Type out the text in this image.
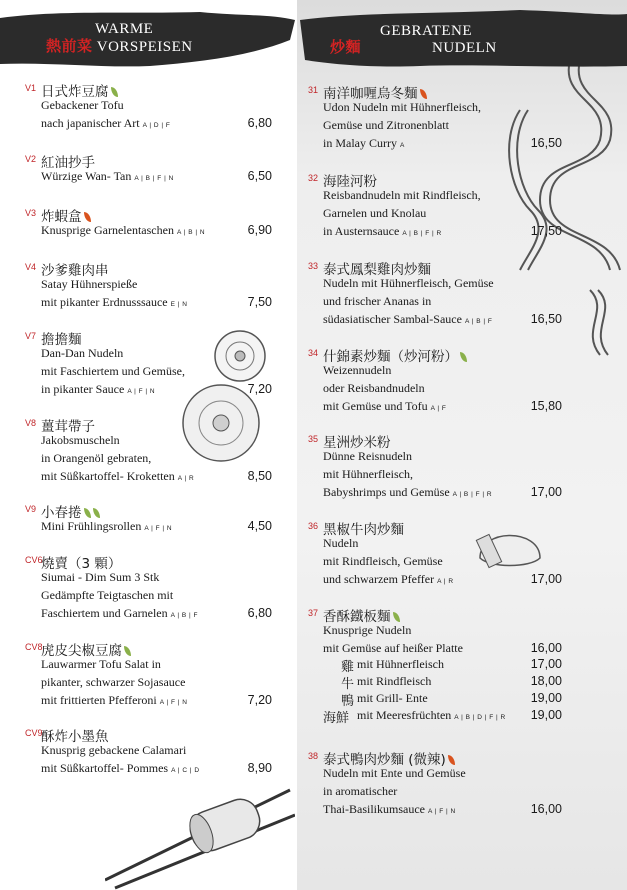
WARME
熱前菜 VORSPEISEN	炒麵
GEBRATENE
NUDELN
V1 日式炸豆腐
Gebackener Tofu
nach japanischer Art A | D | F	6,80
V2 紅油抄手
Würzige Wan- Tan A | B | F | N	6,50
V3 炸蝦盒
Knusprige Garnelentaschen A | B | N	6,90
V4 沙爹雞肉串
Satay Hühnerspieße
mit pikanter Erdnusssauce E | N	7,50
V7 擔擔麵
Dan-Dan Nudeln
mit Faschiertem und Gemüse,
in pikanter Sauce A | F | N	7,20
V8 薑茸帶子
Jakobsmuscheln
in Orangenöl gebraten,
mit Süßkartoffel- Kroketten A | R	8,50
V9 小春捲
Mini Frühlingsrollen A | F | N	4,50
CV6
燒賣（3 顆）
Siumai - Dim Sum 3 Stk
Gedämpfte Teigtaschen mit
Faschiertem und Garnelen A | B | F	6,80
CV8
虎皮尖椒豆腐
Lauwarmer Tofu Salat in
pikanter, schwarzer Sojasauce
mit frittierten Pfefferoni A | F | N	7,20
CV9
酥炸小墨魚
Knusprig gebackene Calamari
mit Süßkartoffel- Pommes A | C | D	8,90
31 南洋咖喱烏冬麵
Udon Nudeln mit Hühnerfleisch,
Gemüse und Zitronenblatt
in Malay Curry A	16,50
32 海陸河粉
Reisbandnudeln mit Rindfleisch,
Garnelen und Knolau
in Austernsauce A | B | F | R	17,50
33 泰式鳳梨雞肉炒麵
Nudeln mit Hühnerfleisch, Gemüse
und frischer Ananas in
südasiatischer Sambal-Sauce A | B | F	16,50
34 什錦素炒麵（炒河粉）
Weizennudeln
oder Reisbandnudeln
mit Gemüse und Tofu A | F	15,80
35 星洲炒米粉
Dünne Reisnudeln
mit Hühnerfleisch,
Babyshrimps und Gemüse A | B | F | R	17,00
36 黑椒牛肉炒麵
Nudeln
mit Rindfleisch, Gemüse
und schwarzem Pfeffer A | R	17,00
37 香酥鐵板麵
Knusprige Nudeln
mit Gemüse auf heißer Platte	16,00
雞 mit Hühnerfleisch	17,00
牛 mit Rindfleisch	18,00
鴨 mit Grill- Ente	19,00
海鮮 mit Meeresfrüchten A | B | D | F | R	19,00
38 泰式鴨肉炒麵 (微辣)
Nudeln mit Ente und Gemüse
in aromatischer
Thai-Basilikumsauce A | F | N	16,00
